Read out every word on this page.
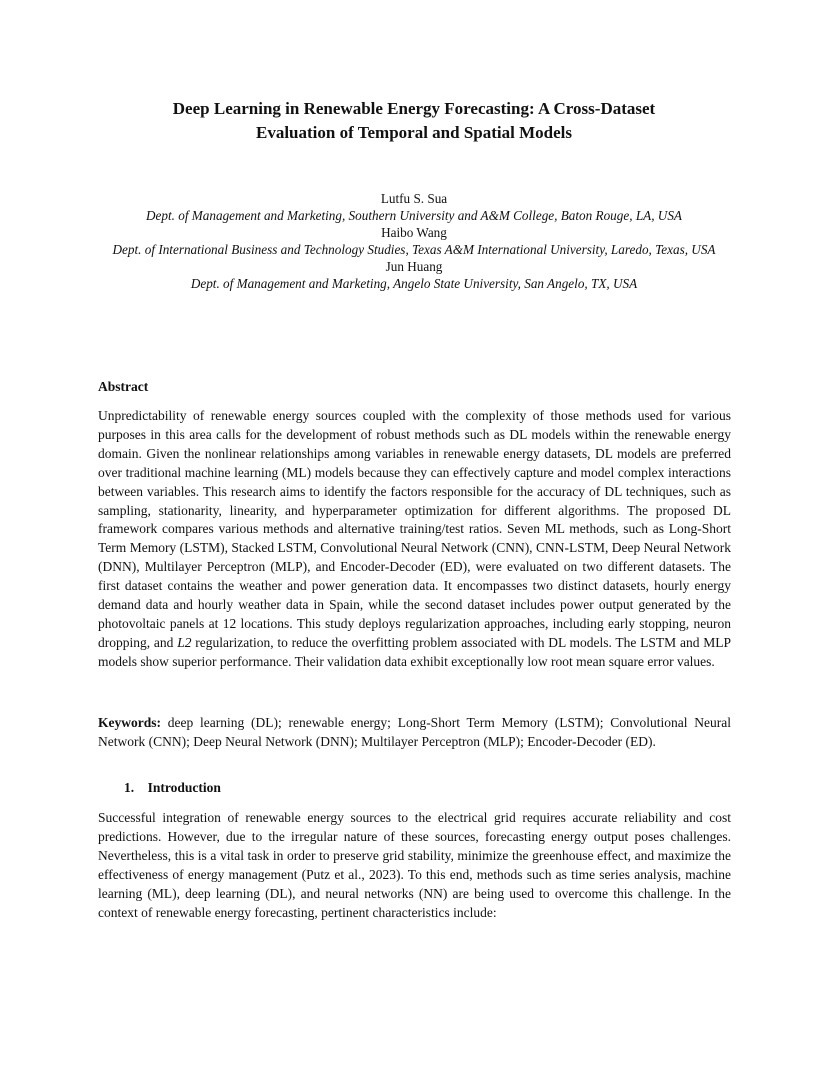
Deep Learning in Renewable Energy Forecasting: A Cross-Dataset
Evaluation of Temporal and Spatial Models
Lutfu S. Sua
Dept. of Management and Marketing, Southern University and A&M College, Baton Rouge, LA, USA
Haibo Wang
Dept. of International Business and Technology Studies, Texas A&M International University, Laredo, Texas, USA
Jun Huang
Dept. of Management and Marketing, Angelo State University, San Angelo, TX, USA
Abstract

Unpredictability of renewable energy sources coupled with the complexity of those methods used for various purposes in this area calls for the development of robust methods such as DL models within the renewable energy domain. Given the nonlinear relationships among variables in renewable energy datasets, DL models are preferred over traditional machine learning (ML) models because they can effectively capture and model complex interactions between variables. This research aims to identify the factors responsible for the accuracy of DL techniques, such as sampling, stationarity, linearity, and hyperparameter optimization for different algorithms. The proposed DL framework compares various methods and alternative training/test ratios. Seven ML methods, such as Long-Short Term Memory (LSTM), Stacked LSTM, Convolutional Neural Network (CNN), CNN-LSTM, Deep Neural Network (DNN), Multilayer Perceptron (MLP), and Encoder-Decoder (ED), were evaluated on two different datasets. The first dataset contains the weather and power generation data. It encompasses two distinct datasets, hourly energy demand data and hourly weather data in Spain, while the second dataset includes power output generated by the photovoltaic panels at 12 locations. This study deploys regularization approaches, including early stopping, neuron dropping, and L2 regularization, to reduce the overfitting problem associated with DL models. The LSTM and MLP models show superior performance. Their validation data exhibit exceptionally low root mean square error values.

Keywords: deep learning (DL); renewable energy; Long-Short Term Memory (LSTM); Convolutional Neural Network (CNN); Deep Neural Network (DNN); Multilayer Perceptron (MLP); Encoder-Decoder (ED).

1. Introduction

Successful integration of renewable energy sources to the electrical grid requires accurate reliability and cost predictions. However, due to the irregular nature of these sources, forecasting energy output poses challenges. Nevertheless, this is a vital task in order to preserve grid stability, minimize the greenhouse effect, and maximize the effectiveness of energy management (Putz et al., 2023). To this end, methods such as time series analysis, machine learning (ML), deep learning (DL), and neural networks (NN) are being used to overcome this challenge. In the context of renewable energy forecasting, pertinent characteristics include:
